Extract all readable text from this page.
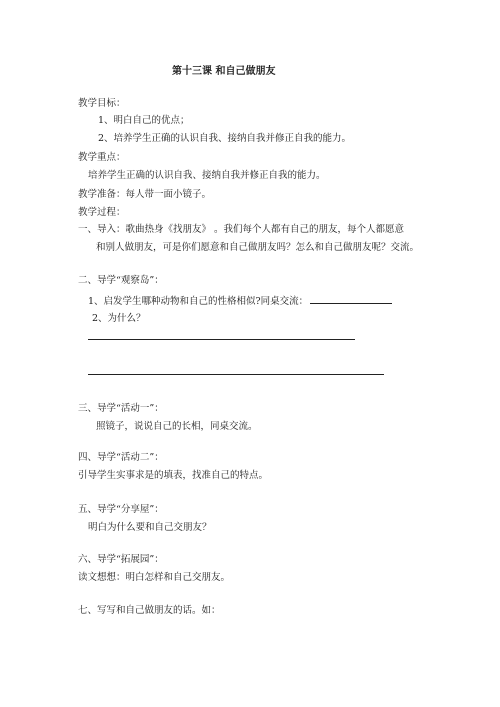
第十三课 和自己做朋友
教学目标：
1、明白自己的优点；
2、培养学生正确的认识自我、接纳自我并修正自我的能力。
教学重点：
培养学生正确的认识自我、接纳自我并修正自我的能力。
教学准备：每人带一面小镜子。
教学过程：
一、导入：歌曲热身《找朋友》 。我们每个人都有自己的朋友，每个人都愿意
和别人做朋友，可是你们愿意和自己做朋友吗？怎么和自己做朋友呢？交流。
二、导学“观察岛”：
1、启发学生哪种动物和自己的性格相似?同桌交流：
2、为什么？
三、导学“活动一”：
照镜子，说说自己的长相，同桌交流。
四、导学“活动二”：
引导学生实事求是的填表，找准自己的特点。
五、导学“分享屋”：
明白为什么要和自己交朋友？
六、导学“拓展园”：
读文想想：明白怎样和自己交朋友。
七、写写和自己做朋友的话。如：
